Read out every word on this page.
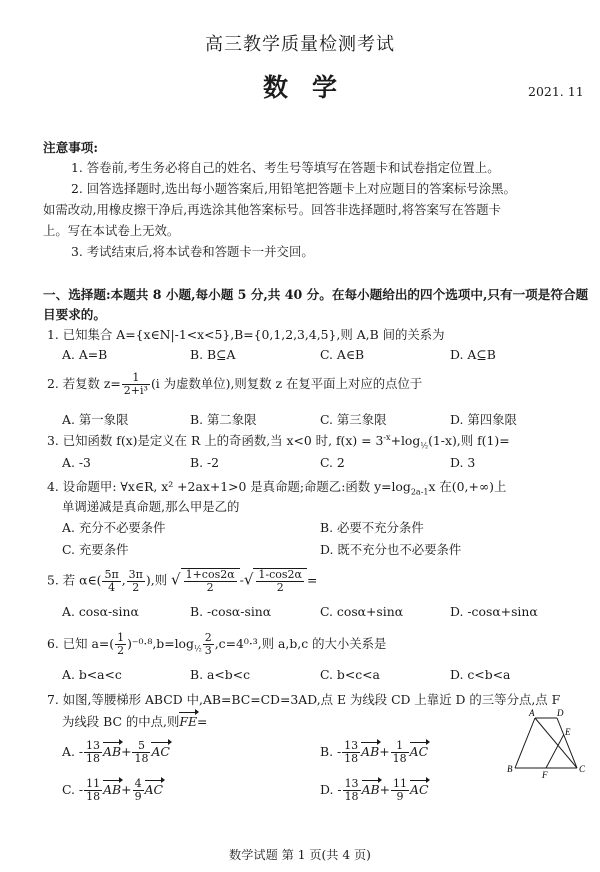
高三教学质量检测考试
数学	2021. 11
注意事项:
1. 答卷前,考生务必将自己的姓名、考生号等填写在答题卡和试卷指定位置上。
2. 回答选择题时,选出每小题答案后,用铅笔把答题卡上对应题目的答案标号涂黑。
如需改动,用橡皮擦干净后,再选涂其他答案标号。回答非选择题时,将答案写在答题卡
上。写在本试卷上无效。
3. 考试结束后,将本试卷和答题卡一并交回。
一、选择题:本题共 8 小题,每小题 5 分,共 40 分。在每小题给出的四个选项中,只有一项是符合题目要求的。
1. 已知集合 A={x∈N|-1<x<5},B={0,1,2,3,4,5},则 A,B 间的关系为
A. A=B	B. B⊆A	C. A∈B	D. A⊆B
2. 若复数 $z= \frac{1}{\text{2+i³}} (i$ 为虚数单位),则复数 z 在复平面上对应的点位于
A. 第一象限	B. 第二象限	C. 第三象限	D. 第四象限
3. 已知函数 f(x)是定义在 R 上的奇函数,当 x<0 时, $f(x) = 3^{-x}+\log_{\frac{1}{2}}(1-x)$,则 f(1)=
A. -3	B. -2	C. 2	D. 3
4. 设命题甲: ∀x∈R, x² +2ax+1>0 是真命题;命题乙:函数 $y=\log_{2a-1}x$ 在(0,+∞)上
单调递减是真命题,那么甲是乙的
A. 充分不必要条件	B. 必要不充分条件
C. 充要条件	D. 既不充分也不必要条件
5. 若 α∈( $\frac{5\pi}{4}$ , $\frac{3\pi}{2}$ ),则 √ $\frac{1+\cos 2\alpha}{2}$ -√ $\frac{1-\cos 2\alpha}{2}$ =
A. cosα-sinα	B. -cosα-sinα	C. cosα+sinα	D. -cosα+sinα
6. 已知 $a=( \frac{1}{2} )^{-0}\cdot^8,b=\log_{\frac{1}{2}} \frac{2}{3} ,c=4^0\cdot^3$,则 a,b,c 的大小关系是
A. b<a<c	B. a<b<c	C. b<c<a	D. c<b<a
7. 如图,等腰梯形 ABCD 中,AB=BC=CD=3AD,点 E 为线段 CD 上靠近 D 的三等分点,点 F
为线段 BC 的中点,则FE=
A. - $\frac{13}{18} AB+ \frac{5}{18}$ AC	B. - $\frac{13}{18} AB+ \frac{1}{18}$ AC
C. - $\frac{11}{18} AB+ \frac{4}{9}$ AC	D. - $\frac{13}{18} AB+ \frac{11}{9}$ AC
A	D
E
B	C
F
数学试题 第 1 页(共 4 页)
